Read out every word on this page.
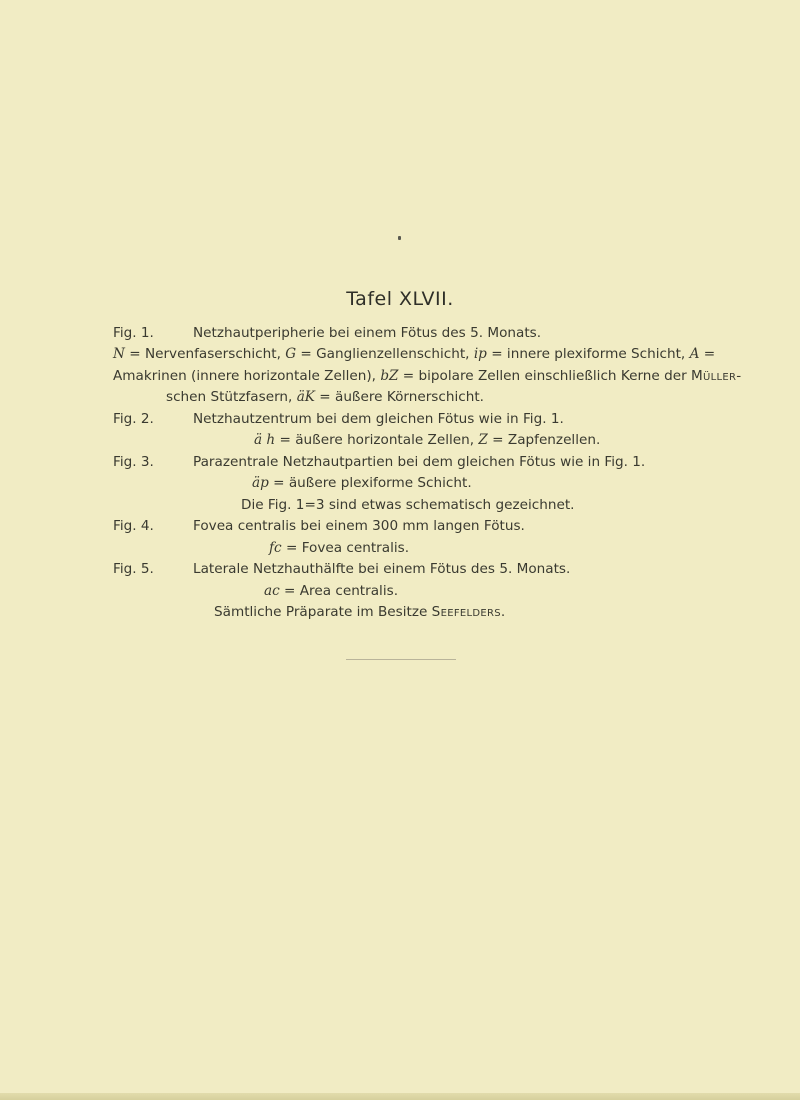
Tafel XLVII.
Fig. 1.	Netzhautperipherie bei einem Fötus des 5. Monats.
N = Nervenfaserschicht, G = Ganglienzellenschicht, ip = innere plexiforme Schicht, A =
Amakrinen (innere horizontale Zellen), bZ = bipolare Zellen einschließlich Kerne der Müller-
schen Stützfasern, äK = äußere Körnerschicht.
Fig. 2.	Netzhautzentrum bei dem gleichen Fötus wie in Fig. 1.
ä h = äußere horizontale Zellen, Z = Zapfenzellen.
Fig. 3.	Parazentrale Netzhautpartien bei dem gleichen Fötus wie in Fig. 1.
äp = äußere plexiforme Schicht.
Die Fig. 1=3 sind etwas schematisch gezeichnet.
Fig. 4.	Fovea centralis bei einem 300 mm langen Fötus.
fc = Fovea centralis.
Fig. 5.	Laterale Netzhauthälfte bei einem Fötus des 5. Monats.
ac = Area centralis.
Sämtliche Präparate im Besitze Seefelders.
